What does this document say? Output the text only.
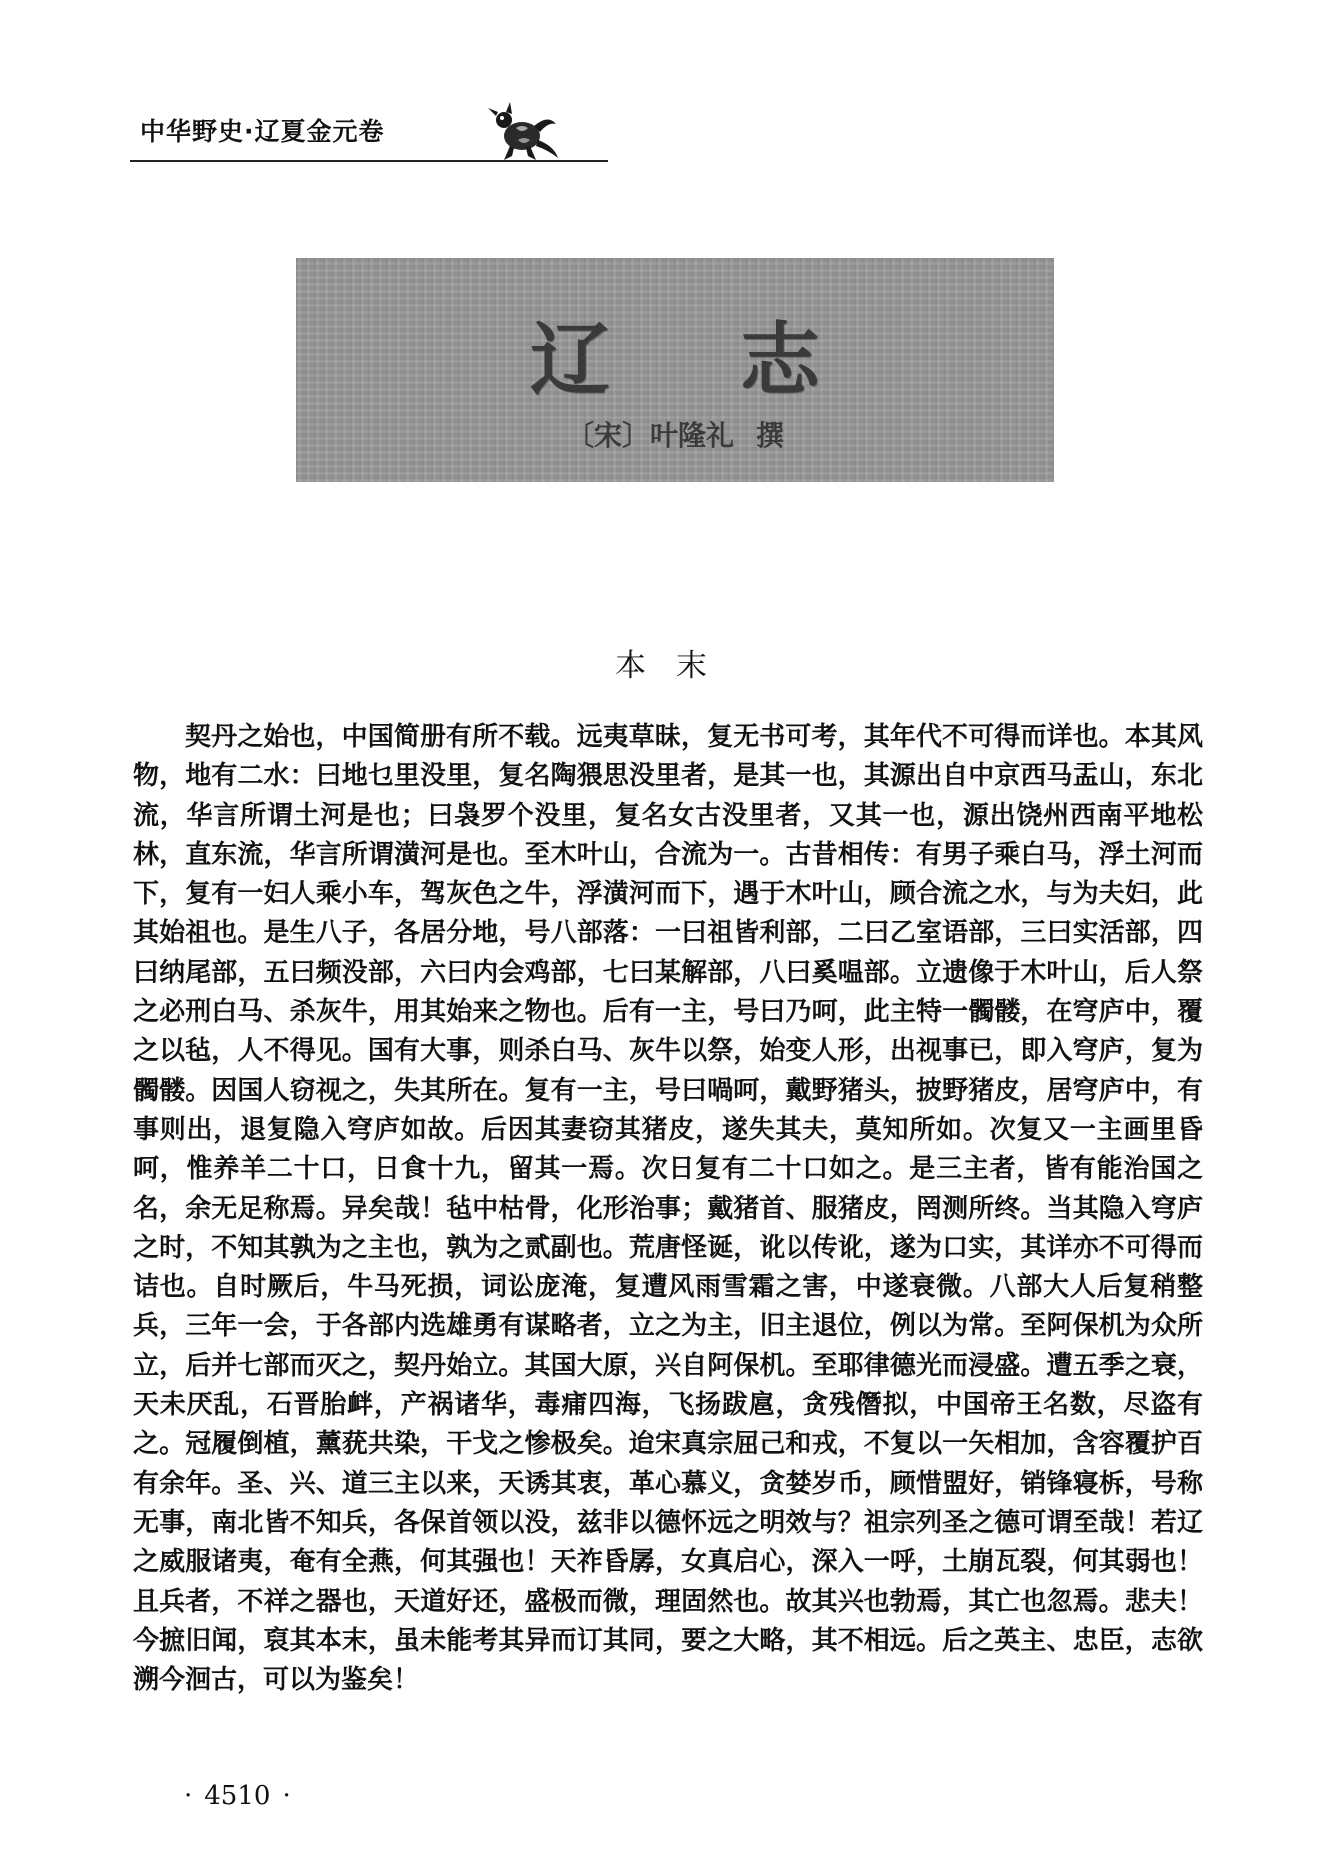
中华野史·辽夏金元卷
辽志
〔宋〕叶隆礼 撰
本末

契丹之始也，中国简册有所不载。远夷草昧，复无书可考，其年代不可得而详也。本其风物，地有二水：曰地乜里没里，复名陶猥思没里者，是其一也，其源出自中京西马盂山，东北流，华言所谓土河是也；曰袅罗个没里，复名女古没里者，又其一也，源出饶州西南平地松林，直东流，华言所谓潢河是也。至木叶山，合流为一。古昔相传：有男子乘白马，浮土河而下，复有一妇人乘小车，驾灰色之牛，浮潢河而下，遇于木叶山，顾合流之水，与为夫妇，此其始祖也。是生八子，各居分地，号八部落：一曰祖皆利部，二曰乙室语部，三曰实活部，四曰纳尾部，五曰频没部，六曰内会鸡部，七曰某解部，八曰奚嗢部。立遗像于木叶山，后人祭之必刑白马、杀灰牛，用其始来之物也。后有一主，号曰乃呵，此主特一髑髅，在穹庐中，覆之以毡，人不得见。国有大事，则杀白马、灰牛以祭，始变人形，出视事已，即入穹庐，复为髑髅。因国人窃视之，失其所在。复有一主，号曰喎呵，戴野猪头，披野猪皮，居穹庐中，有事则出，退复隐入穹庐如故。后因其妻窃其猪皮，遂失其夫，莫知所如。次复又一主画里昏呵，惟养羊二十口，日食十九，留其一焉。次日复有二十口如之。是三主者，皆有能治国之名，余无足称焉。异矣哉！毡中枯骨，化形治事；戴猪首、服猪皮，罔测所终。当其隐入穹庐之时，不知其孰为之主也，孰为之贰副也。荒唐怪诞，讹以传讹，遂为口实，其详亦不可得而诘也。自时厥后，牛马死损，词讼庞淹，复遭风雨雪霜之害，中遂衰微。八部大人后复稍整兵，三年一会，于各部内选雄勇有谋略者，立之为主，旧主退位，例以为常。至阿保机为众所立，后并七部而灭之，契丹始立。其国大原，兴自阿保机。至耶律德光而浸盛。遭五季之衰，天未厌乱，石晋胎衅，产祸诸华，毒痡四海，飞扬跋扈，贪残僭拟，中国帝王名数，尽盗有之。冠履倒植，薰莸共染，干戈之惨极矣。迨宋真宗屈己和戎，不复以一矢相加，含容覆护百有余年。圣、兴、道三主以来，天诱其衷，革心慕义，贪婪岁币，顾惜盟好，销锋寝柝，号称无事，南北皆不知兵，各保首领以没，兹非以德怀远之明效与？祖宗列圣之德可谓至哉！若辽之威服诸夷，奄有全燕，何其强也！天祚昏孱，女真启心，深入一呼，土崩瓦裂，何其弱也！且兵者，不祥之器也，天道好还，盛极而微，理固然也。故其兴也勃焉，其亡也忽焉。悲夫！今摭旧闻，裒其本末，虽未能考其异而订其同，要之大略，其不相远。后之英主、忠臣，志欲溯今洄古，可以为鉴矣！

· 4510 ·
